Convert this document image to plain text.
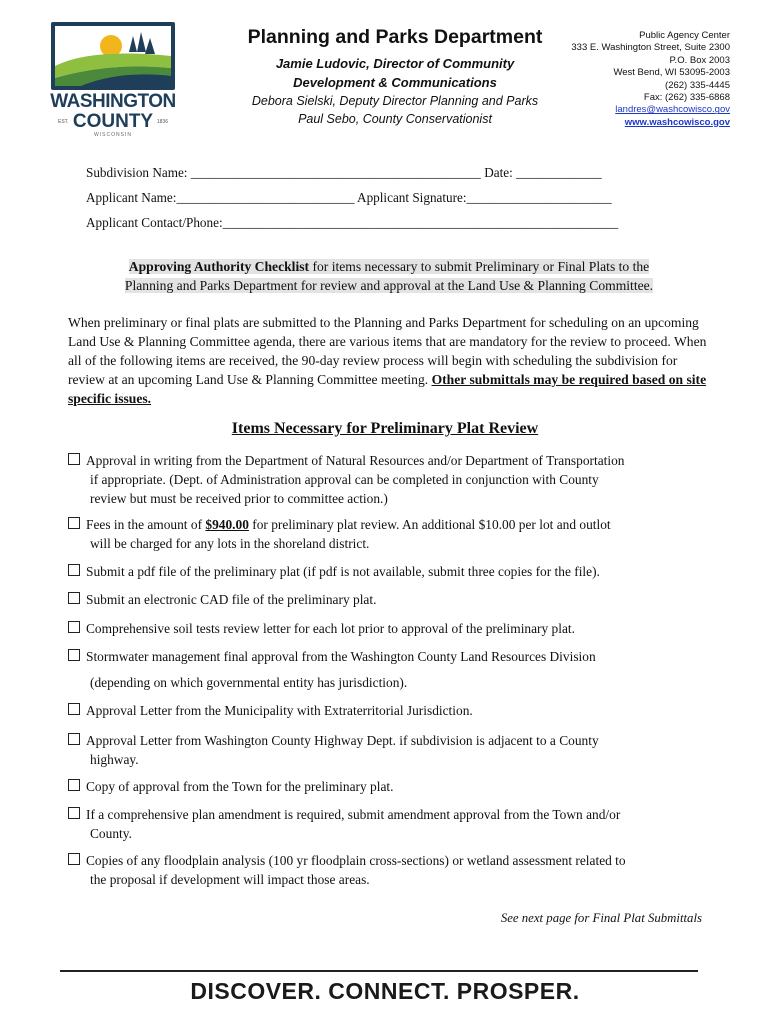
WASHINGTON
COUNTY
EST.	1836
WISCONSIN
Planning and Parks Department
Jamie Ludovic, Director of Community
Development & Communications
Debora Sielski, Deputy Director Planning and Parks
Paul Sebo, County Conservationist
Public Agency Center
333 E. Washington Street, Suite 2300
P.O. Box 2003
West Bend, WI 53095-2003
(262) 335-4445
Fax: (262) 335-6868
landres@washcowisco.gov
www.washcowisco.gov
Subdivision Name: ____________________________________________ Date: _____________
Applicant Name:___________________________ Applicant Signature:______________________
Applicant Contact/Phone:____________________________________________________________
Approving Authority Checklist for items necessary to submit Preliminary or Final Plats to the
Planning and Parks Department for review and approval at the Land Use & Planning Committee.
When preliminary or final plats are submitted to the Planning and Parks Department for scheduling on an upcoming Land Use & Planning Committee agenda, there are various items that are mandatory for the review to proceed. When all of the following items are received, the 90-day review process will begin with scheduling the subdivision for review at an upcoming Land Use & Planning Committee meeting. Other submittals may be required based on site specific issues.
Items Necessary for Preliminary Plat Review
Approval in writing from the Department of Natural Resources and/or Department of Transportation
if appropriate. (Dept. of Administration approval can be completed in conjunction with County
review but must be received prior to committee action.)
Fees in the amount of $940.00 for preliminary plat review. An additional $10.00 per lot and outlot
will be charged for any lots in the shoreland district.
Submit a pdf file of the preliminary plat (if pdf is not available, submit three copies for the file).
Submit an electronic CAD file of the preliminary plat.
Comprehensive soil tests review letter for each lot prior to approval of the preliminary plat.
Stormwater management final approval from the Washington County Land Resources Division
(depending on which governmental entity has jurisdiction).
Approval Letter from the Municipality with Extraterritorial Jurisdiction.
Approval Letter from Washington County Highway Dept. if subdivision is adjacent to a County
highway.
Copy of approval from the Town for the preliminary plat.
If a comprehensive plan amendment is required, submit amendment approval from the Town and/or
County.
Copies of any floodplain analysis (100 yr floodplain cross-sections) or wetland assessment related to
the proposal if development will impact those areas.
See next page for Final Plat Submittals
DISCOVER. CONNECT. PROSPER.
